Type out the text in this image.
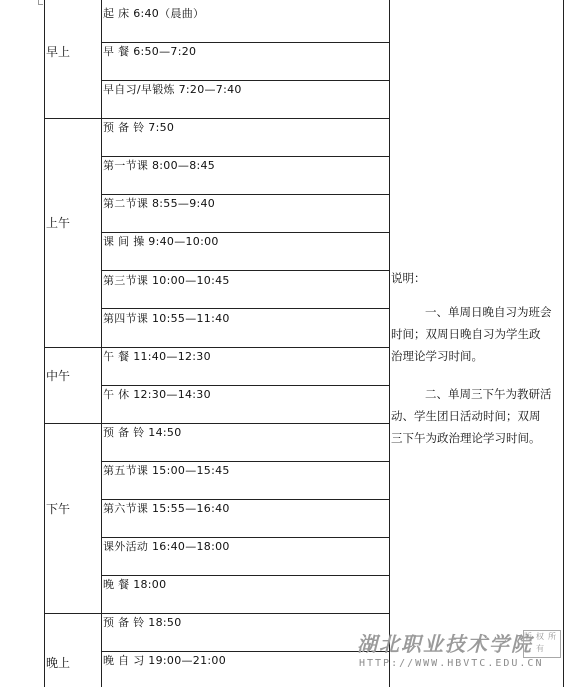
早上
上午
中午
下午
晚上
起 床 6:40（晨曲）
早 餐 6:50—7:20
早自习/早锻炼 7:20—7:40
预 备 铃 7:50
第一节课 8:00—8:45
第二节课 8:55—9:40
课 间 操 9:40—10:00
第三节课 10:00—10:45
第四节课 10:55—11:40
午 餐 11:40—12:30
午 休 12:30—14:30
预 备 铃 14:50
第五节课 15:00—15:45
第六节课 15:55—16:40
课外活动 16:40—18:00
晚 餐 18:00
预 备 铃 18:50
晚 自 习 19:00—21:00
说明：
一、单周日晚自习为班会
时间；双周日晚自习为学生政
治理论学习时间。
二、单周三下午为教研活
动、学生团日活动时间；双周
三下午为政治理论学习时间。
湖北职业技术学院
版权所有
HTTP://WWW.HBVTC.EDU.CN
